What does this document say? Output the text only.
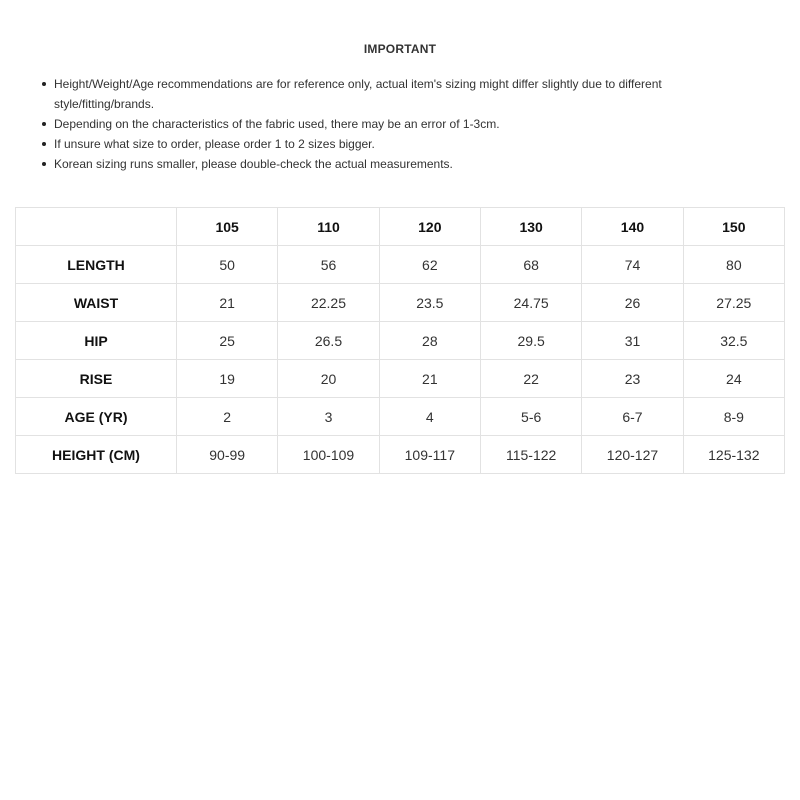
IMPORTANT
Height/Weight/Age recommendations are for reference only, actual item's sizing might differ slightly due to different style/fitting/brands.
Depending on the characteristics of the fabric used, there may be an error of 1-3cm.
If unsure what size to order, please order 1 to 2 sizes bigger.
Korean sizing runs smaller, please double-check the actual measurements.
	105	110	120	130	140	150
LENGTH	50	56	62	68	74	80
WAIST	21	22.25	23.5	24.75	26	27.25
HIP	25	26.5	28	29.5	31	32.5
RISE	19	20	21	22	23	24
AGE (YR)	2	3	4	5-6	6-7	8-9
HEIGHT (CM)	90-99	100-109	109-117	115-122	120-127	125-132
